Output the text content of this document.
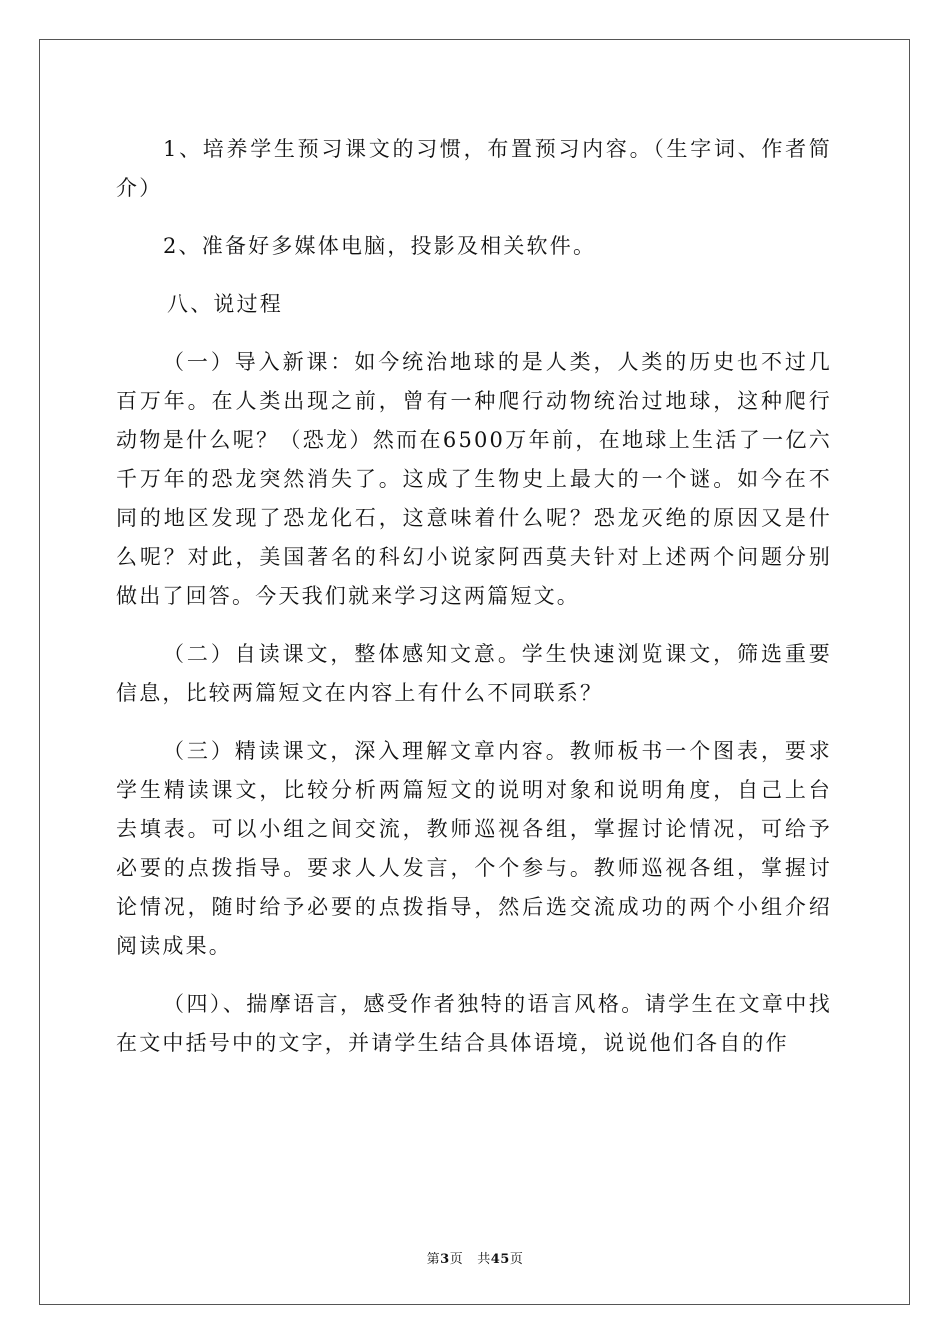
1、培养学生预习课文的习惯，布置预习内容。（生字词、作者简介）

2、准备好多媒体电脑，投影及相关软件。

八、说过程

（一）导入新课：如今统治地球的是人类，人类的历史也不过几百万年。在人类出现之前，曾有一种爬行动物统治过地球，这种爬行动物是什么呢？（恐龙）然而在6500万年前，在地球上生活了一亿六千万年的恐龙突然消失了。这成了生物史上最大的一个谜。如今在不同的地区发现了恐龙化石，这意味着什么呢？恐龙灭绝的原因又是什么呢？对此，美国著名的科幻小说家阿西莫夫针对上述两个问题分别做出了回答。今天我们就来学习这两篇短文。

（二）自读课文，整体感知文意。学生快速浏览课文，筛选重要信息，比较两篇短文在内容上有什么不同联系？

（三）精读课文，深入理解文章内容。教师板书一个图表，要求学生精读课文，比较分析两篇短文的说明对象和说明角度，自己上台去填表。可以小组之间交流，教师巡视各组，掌握讨论情况，可给予必要的点拨指导。要求人人发言，个个参与。教师巡视各组，掌握讨论情况，随时给予必要的点拨指导，然后选交流成功的两个小组介绍阅读成果。

（四）、揣摩语言，感受作者独特的语言风格。请学生在文章中找在文中括号中的文字，并请学生结合具体语境，说说他们各自的作

第3页 共45页
